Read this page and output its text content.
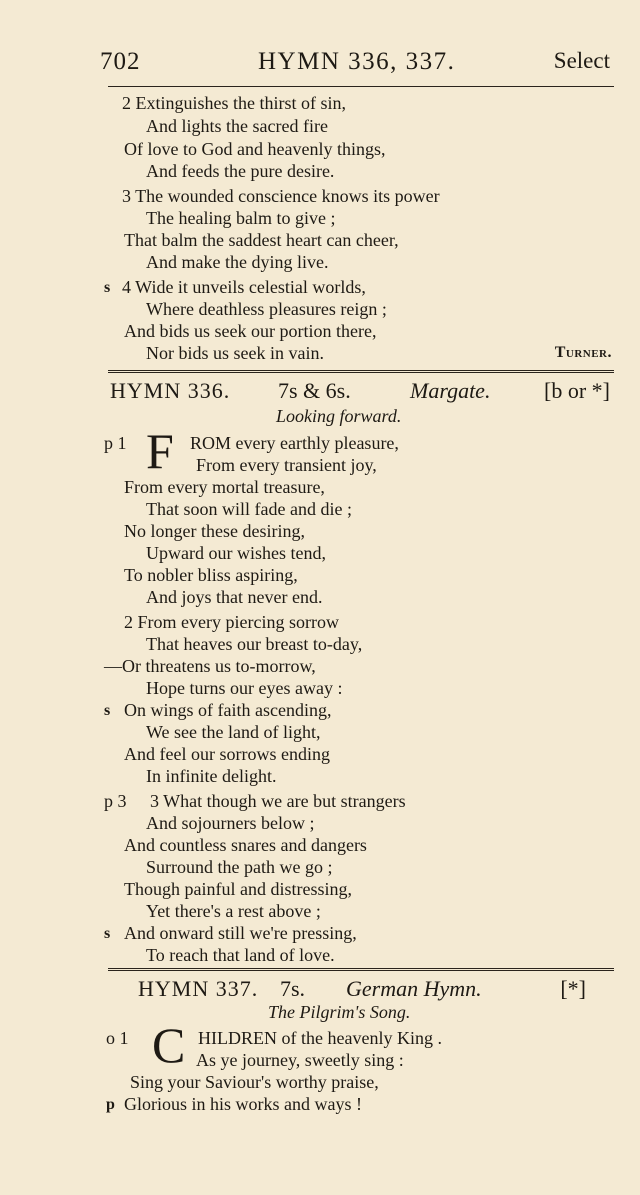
702	HYMN 336, 337.	Select
2 Extinguishes the thirst of sin,
And lights the sacred fire
Of love to God and heavenly things,
And feeds the pure desire.
3 The wounded conscience knows its power
The healing balm to give ;
That balm the saddest heart can cheer,
And make the dying live.
s 4 Wide it unveils celestial worlds,
Where deathless pleasures reign ;
And bids us seek our portion there,
Nor bids us seek in vain.	Turner.
HYMN 336. 7s & 6s.	Margate. [b or *]
Looking forward.
p 1 F ROM every earthly pleasure,
From every transient joy,
From every mortal treasure,
That soon will fade and die ;
No longer these desiring,
Upward our wishes tend,
To nobler bliss aspiring,
And joys that never end.
2 From every piercing sorrow
That heaves our breast to-day,
—Or threatens us to-morrow,
Hope turns our eyes away :
s On wings of faith ascending,
We see the land of light,
And feel our sorrows ending
In infinite delight.
p 3 3 What though we are but strangers
And sojourners below ;
And countless snares and dangers
Surround the path we go ;
Though painful and distressing,
Yet there's a rest above ;
s And onward still we're pressing,
To reach that land of love.
HYMN 337. 7s. German Hymn.	[*]
The Pilgrim's Song.
o 1 C HILDREN of the heavenly King .
As ye journey, sweetly sing :
Sing your Saviour's worthy praise,
p Glorious in his works and ways !
